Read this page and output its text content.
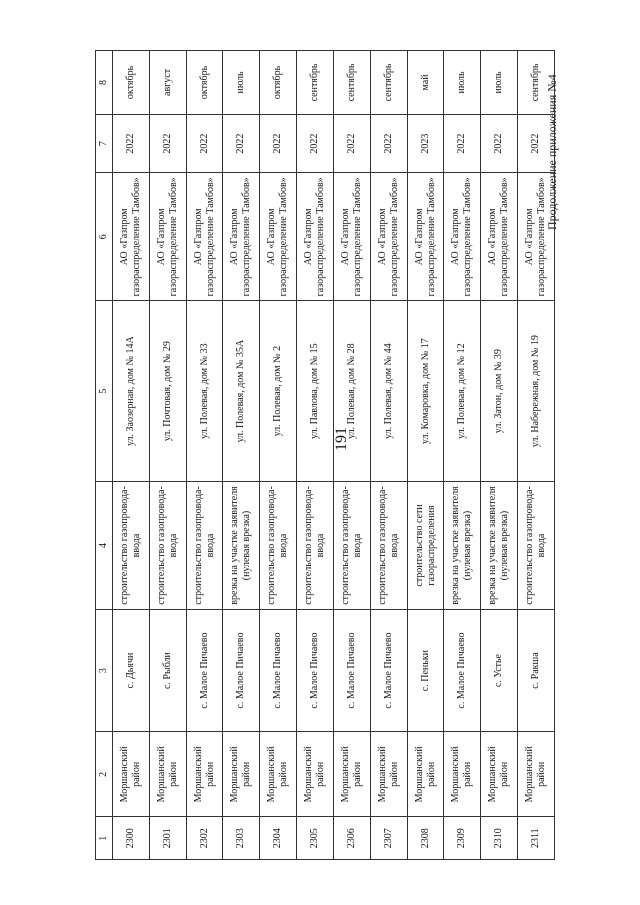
191
Продолжение приложения №4
1	2	3	4	5	6	7	8
2300	Моршанский район	с. Дьячи	строительство газопровода-ввода	ул. Заозерная, дом № 14А	АО «Газпром газораспределение Тамбов»	2022	октябрь
2301	Моршанский район	с. Рыбли	строительство газопровода-ввода	ул. Почтовая, дом № 29	АО «Газпром газораспределение Тамбов»	2022	август
2302	Моршанский район	с. Малое Пичаево	строительство газопровода-ввода	ул. Полевая, дом № 33	АО «Газпром газораспределение Тамбов»	2022	октябрь
2303	Моршанский район	с. Малое Пичаево	врезка на участке заявителя (нулевая врезка)	ул. Полевая, дом № 35А	АО «Газпром газораспределение Тамбов»	2022	июль
2304	Моршанский район	с. Малое Пичаево	строительство газопровода-ввода	ул. Полевая, дом № 2	АО «Газпром газораспределение Тамбов»	2022	октябрь
2305	Моршанский район	с. Малое Пичаево	строительство газопровода-ввода	ул. Павлова, дом № 15	АО «Газпром газораспределение Тамбов»	2022	сентябрь
2306	Моршанский район	с. Малое Пичаево	строительство газопровода-ввода	ул. Полевая, дом № 28	АО «Газпром газораспределение Тамбов»	2022	сентябрь
2307	Моршанский район	с. Малое Пичаево	строительство газопровода-ввода	ул. Полевая, дом № 44	АО «Газпром газораспределение Тамбов»	2022	сентябрь
2308	Моршанский район	с. Пеньки	строительство сети газораспределения	ул. Комаровка, дом № 17	АО «Газпром газораспределение Тамбов»	2023	май
2309	Моршанский район	с. Малое Пичаево	врезка на участке заявителя (нулевая врезка)	ул. Полевая, дом № 12	АО «Газпром газораспределение Тамбов»	2022	июль
2310	Моршанский район	с. Устье	врезка на участке заявителя (нулевая врезка)	ул. Затон, дом № 39	АО «Газпром газораспределение Тамбов»	2022	июль
2311	Моршанский район	с. Ракша	строительство газопровода-ввода	ул. Набережная, дом № 19	АО «Газпром газораспределение Тамбов»	2022	сентябрь
